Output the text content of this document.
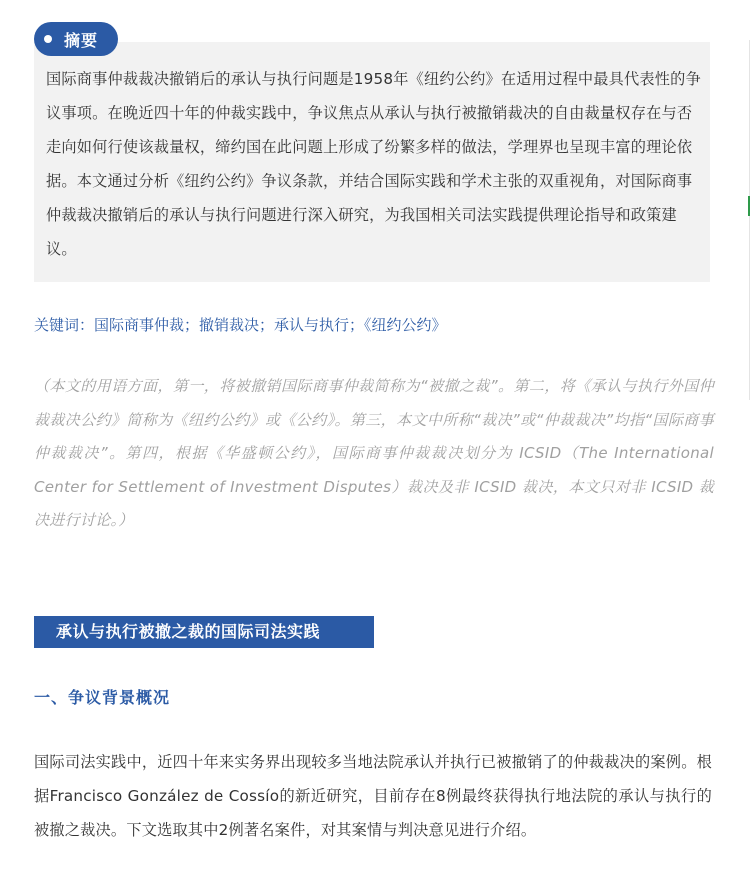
摘要

国际商事仲裁裁决撤销后的承认与执行问题是1958年《纽约公约》在适用过程中最具代表性的争议事项。在晚近四十年的仲裁实践中，争议焦点从承认与执行被撤销裁决的自由裁量权存在与否走向如何行使该裁量权，缔约国在此问题上形成了纷繁多样的做法，学理界也呈现丰富的理论依据。本文通过分析《纽约公约》争议条款，并结合国际实践和学术主张的双重视角，对国际商事仲裁裁决撤销后的承认与执行问题进行深入研究，为我国相关司法实践提供理论指导和政策建议。

关键词：国际商事仲裁；撤销裁决；承认与执行；《纽约公约》

（本文的用语方面，第一，将被撤销国际商事仲裁简称为“被撤之裁”。第二，将《承认与执行外国仲裁裁决公约》简称为《纽约公约》或《公约》。第三，本文中所称“裁决”或“仲裁裁决”均指“国际商事仲裁裁决”。第四，根据《华盛顿公约》，国际商事仲裁裁决划分为 ICSID（The International Center for Settlement of Investment Disputes）裁决及非 ICSID 裁决，本文只对非 ICSID 裁决进行讨论。）

承认与执行被撤之裁的国际司法实践
一、争议背景概况

国际司法实践中，近四十年来实务界出现较多当地法院承认并执行已被撤销了的仲裁裁决的案例。根据Francisco González de Cossío的新近研究，目前存在8例最终获得执行地法院的承认与执行的被撤之裁决。下文选取其中2例著名案件，对其案情与判决意见进行介绍。
